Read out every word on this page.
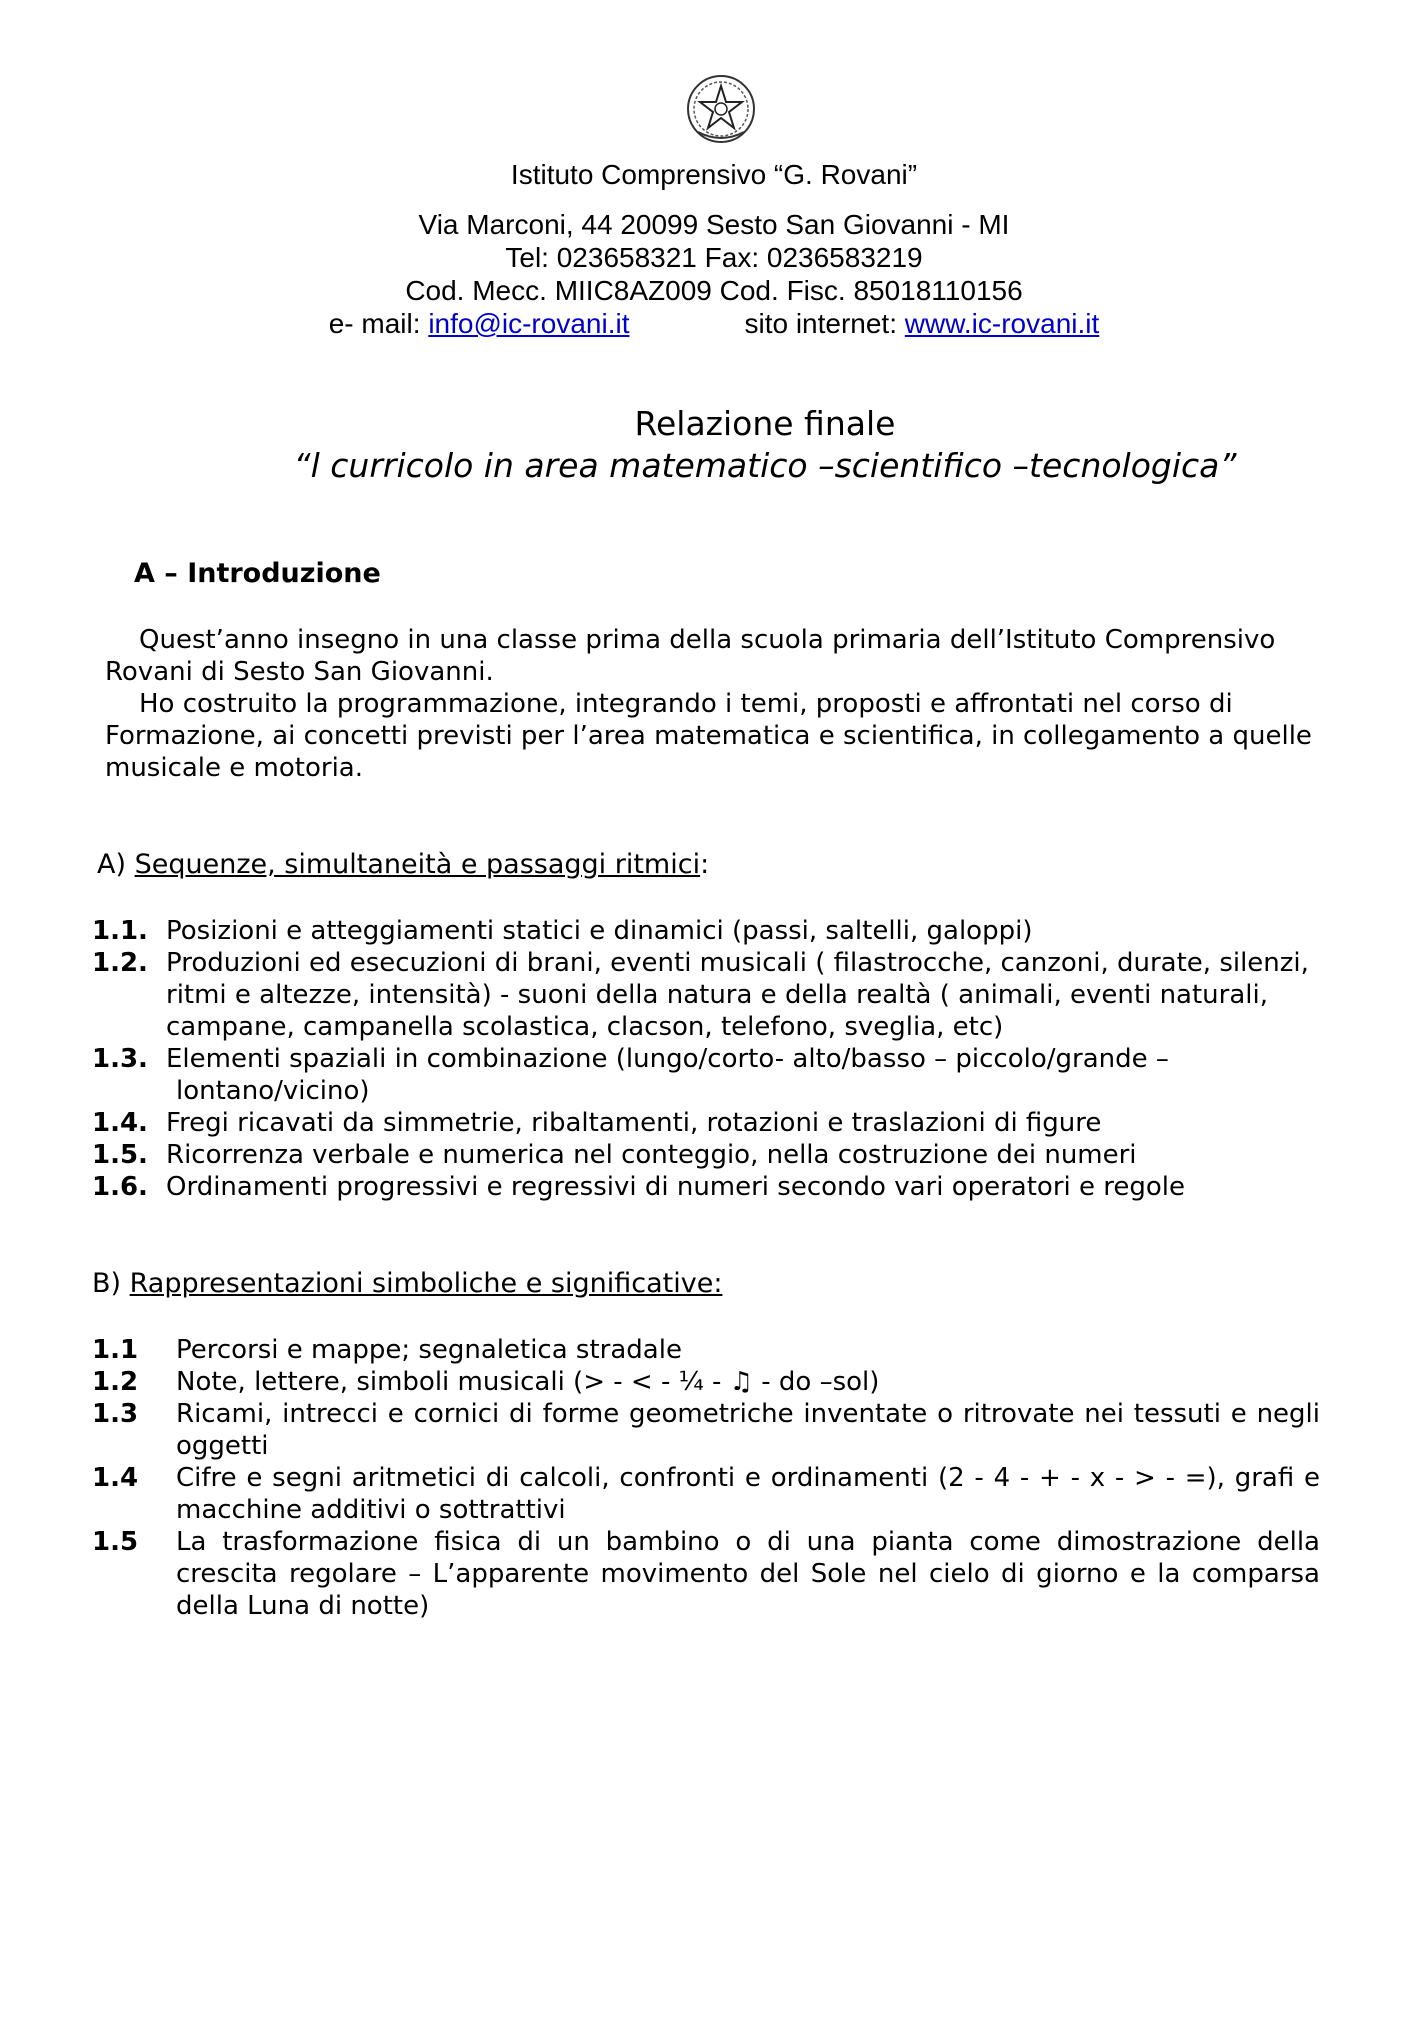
Istituto Comprensivo “G. Rovani”

Via Marconi, 44 20099 Sesto San Giovanni - MI

Tel: 023658321 Fax: 0236583219

Cod. Mecc. MIIC8AZ009 Cod. Fisc. 85018110156

e- mail: info@ic-rovani.it	sito internet: www.ic-rovani.it

Relazione finale

“l curricolo in area matematico –scientifico –tecnologica”

A – Introduzione

Quest’anno insegno in una classe prima della scuola primaria dell’Istituto Comprensivo Rovani di Sesto San Giovanni.

Ho costruito la programmazione, integrando i temi, proposti e affrontati nel corso di Formazione, ai concetti previsti per l’area matematica e scientifica, in collegamento a quelle musicale e motoria.

A) Sequenze, simultaneità e passaggi ritmici:

1.1. Posizioni e atteggiamenti statici e dinamici (passi, saltelli, galoppi)
1.2. Produzioni ed esecuzioni di brani, eventi musicali ( filastrocche, canzoni, durate, silenzi, ritmi e altezze, intensità) - suoni della natura e della realtà ( animali, eventi naturali, campane, campanella scolastica, clacson, telefono, sveglia, etc)
1.3. Elementi spaziali in combinazione (lungo/corto- alto/basso – piccolo/grande – lontano/vicino)
1.4. Fregi ricavati da simmetrie, ribaltamenti, rotazioni e traslazioni di figure
1.5. Ricorrenza verbale e numerica nel conteggio, nella costruzione dei numeri
1.6. Ordinamenti progressivi e regressivi di numeri secondo vari operatori e regole

B) Rappresentazioni simboliche e significative:

1.1 Percorsi e mappe; segnaletica stradale
1.2 Note, lettere, simboli musicali (> - < - ¼ - ♫ - do –sol)
1.3 Ricami, intrecci e cornici di forme geometriche inventate o ritrovate nei tessuti e negli oggetti
1.4 Cifre e segni aritmetici di calcoli, confronti e ordinamenti (2 - 4 - + - x - > - =), grafi e macchine additivi o sottrattivi
1.5 La trasformazione fisica di un bambino o di una pianta come dimostrazione della crescita regolare – L’apparente movimento del Sole nel cielo di giorno e la comparsa della Luna di notte)
